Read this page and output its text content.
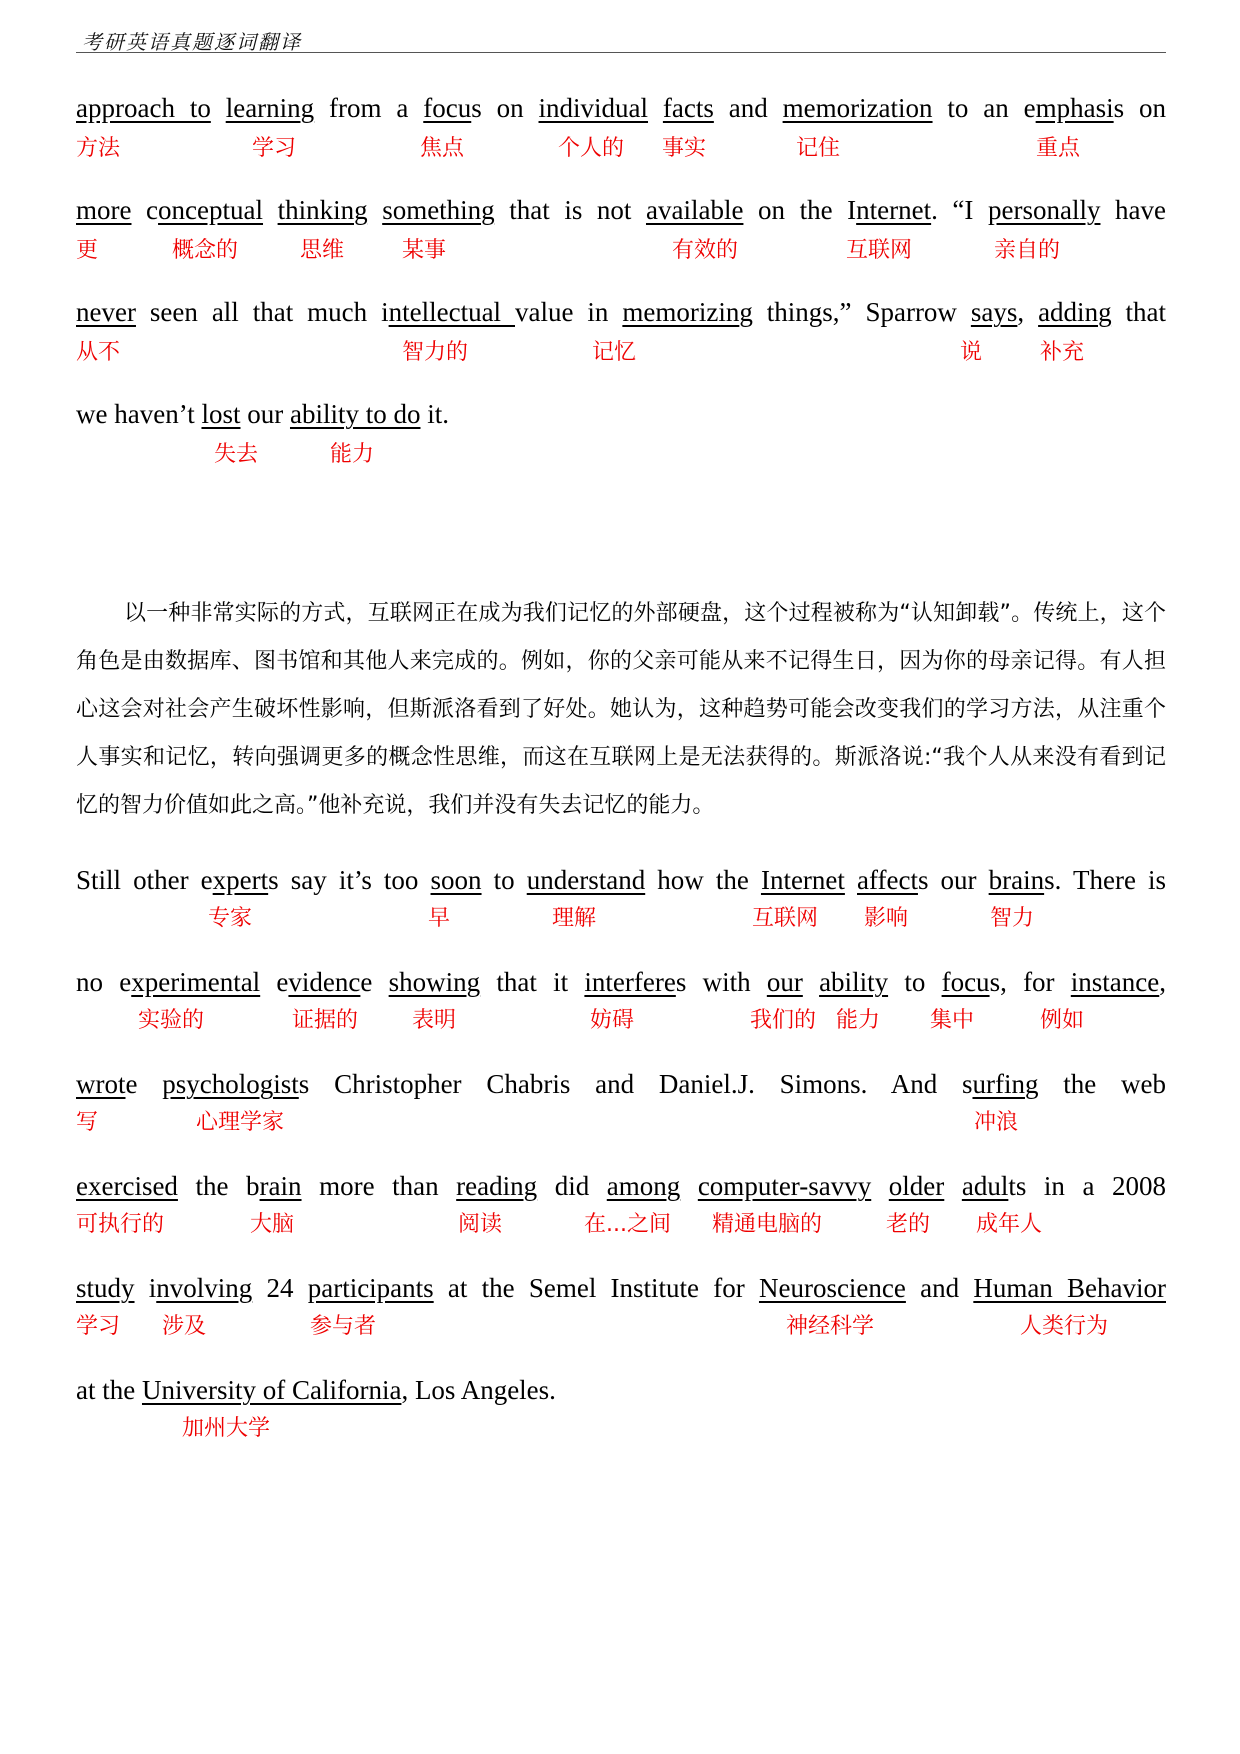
考研英语真题逐词翻译
approach to learning from a focus on individual facts and memorization to an emphasis on
more conceptual thinking something that is not available on the Internet. “I personally have
never seen all that much intellectual value in memorizing things,” Sparrow says, adding that
we haven’t lost our ability to do it.
以一种非常实际的方式，互联网正在成为我们记忆的外部硬盘，这个过程被称为“认知卸载”。传统上，这个角色是由数据库、图书馆和其他人来完成的。例如，你的父亲可能从来不记得生日，因为你的母亲记得。有人担心这会对社会产生破坏性影响，但斯派洛看到了好处。她认为，这种趋势可能会改变我们的学习方法，从注重个人事实和记忆，转向强调更多的概念性思维，而这在互联网上是无法获得的。斯派洛说:“我个人从来没有看到记忆的智力价值如此之高。”他补充说，我们并没有失去记忆的能力。
Still other experts say it’s too soon to understand how the Internet affects our brains. There is
no experimental evidence showing that it interferes with our ability to focus, for instance,
wrote psychologists Christopher Chabris and Daniel.J. Simons. And surfing the web
exercised the brain more than reading did among computer-savvy older adults in a 2008
study involving 24 participants at the Semel Institute for Neuroscience and Human Behavior
at the University of California, Los Angeles.
方法	学习	焦点	个人的 事实	记住	重点
更	概念的	思维	某事	有效的	互联网	亲自的
从不	智力的	记忆	说	补充
失去	能力
专家	早	理解	互联网 影响	智力
实验的	证据的 表明	妨碍	我们的 能力 集中	例如
写	心理学家	冲浪
可执行的	大脑	阅读	在...之间 精通电脑的	老的 成年人
学习 涉及	参与者	神经科学	人类行为
加州大学
